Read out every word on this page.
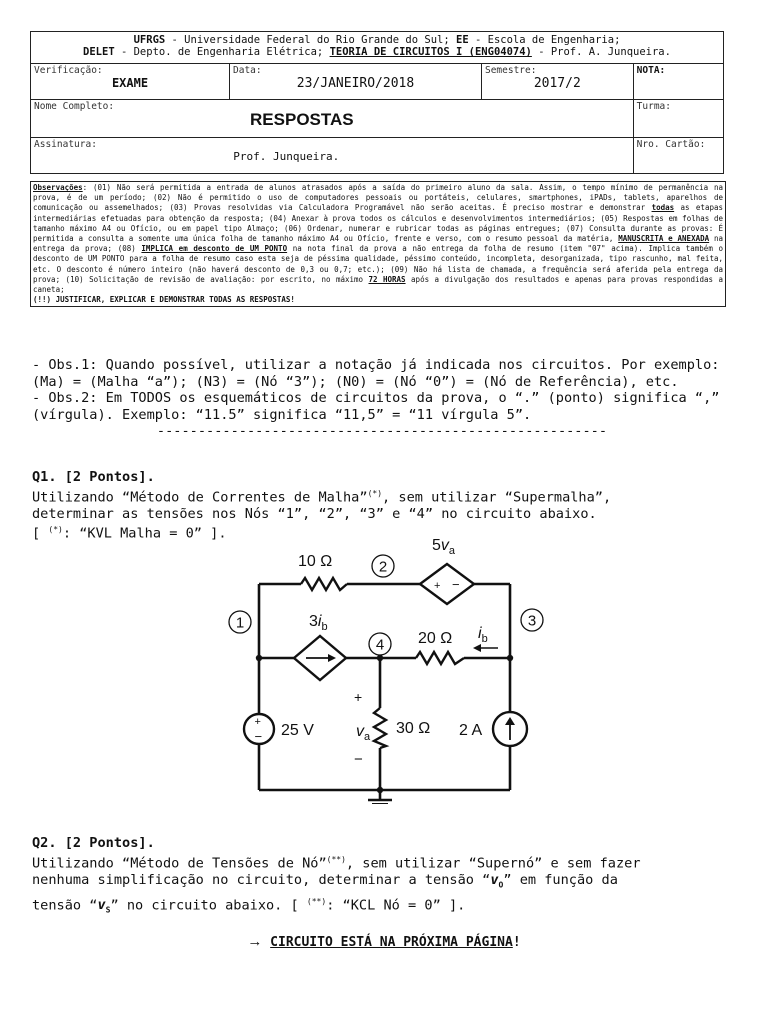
UFRGS - Universidade Federal do Rio Grande do Sul; EE - Escola de Engenharia;
DELET - Depto. de Engenharia Elétrica; TEORIA DE CIRCUITOS I (ENG04074) - Prof. A. Junqueira.			

Verificação:
EXAME	Data:
23/JANEIRO/2018	Semestre:
2017/2	NOTA:

Nome Completo:
RESPOSTAS			Turma:

Assinatura:
Prof. Junqueira.			Nro. Cartão:
Observações: (01) Não será permitida a entrada de alunos atrasados após a saída do primeiro aluno da sala. Assim, o tempo mínimo de permanência na prova, é de um período; (02) Não é permitido o uso de computadores pessoais ou portáteis, celulares, smartphones, iPADs, tablets, aparelhos de comunicação ou assemelhados; (03) Provas resolvidas via Calculadora Programável não serão aceitas. É preciso mostrar e demonstrar todas as etapas intermediárias efetuadas para obtenção da resposta; (04) Anexar à prova todos os cálculos e desenvolvimentos intermediários; (05) Respostas em folhas de tamanho máximo A4 ou Ofício, ou em papel tipo Almaço; (06) Ordenar, numerar e rubricar todas as páginas entregues; (07) Consulta durante as provas: É permitida a consulta a somente uma única folha de tamanho máximo A4 ou Ofício, frente e verso, com o resumo pessoal da matéria, MANUSCRITA e ANEXADA na entrega da prova; (08) IMPLICA em desconto de UM PONTO na nota final da prova a não entrega da folha de resumo (item "07" acima). Implica também o desconto de UM PONTO para a folha de resumo caso esta seja de péssima qualidade, péssimo conteúdo, incompleta, desorganizada, tipo rascunho, mal feita, etc. O desconto é número inteiro (não haverá desconto de 0,3 ou 0,7; etc.); (09) Não há lista de chamada, a frequência será aferida pela entrega da prova; (10) Solicitação de revisão de avaliação: por escrito, no máximo 72 HORAS após a divulgação dos resultados e apenas para provas respondidas a caneta;
(!!) JUSTIFICAR, EXPLICAR E DEMONSTRAR TODAS AS RESPOSTAS!

- Obs.1: Quando possível, utilizar a notação já indicada nos circuitos. Por exemplo: (Ma) = (Malha “a”); (N3) = (Nó “3”); (N0) = (Nó “0”) = (Nó de Referência), etc.

- Obs.2: Em TODOS os esquemáticos de circuitos da prova, o “.” (ponto) significa “,” (vírgula). Exemplo: “11.5” significa “11,5” = “11 vírgula 5”.

-------------------------------------------------------

Q1. [2 Pontos].

Utilizando “Método de Correntes de Malha”(*), sem utilizar “Supermalha”,

determinar as tensões nos Nós “1”, “2”, “3” e “4” no circuito abaixo.

[ (*): “KVL Malha = 0” ].

+ −
+
−
1
2
3
4
10 Ω
20 Ω
30 Ω
$5v_a$
$3i_b$	$i_b$
$v_a$
+
−
25 V	2 A

Q2. [2 Pontos].

Utilizando “Método de Tensões de Nó”(**), sem utilizar “Supernó” e sem fazer

nenhuma simplificação no circuito, determinar a tensão “$v_O$” em função da

tensão “$v_S$” no circuito abaixo. [ (**): “KCL Nó = 0” ].

→ CIRCUITO ESTÁ NA PRÓXIMA PÁGINA!
